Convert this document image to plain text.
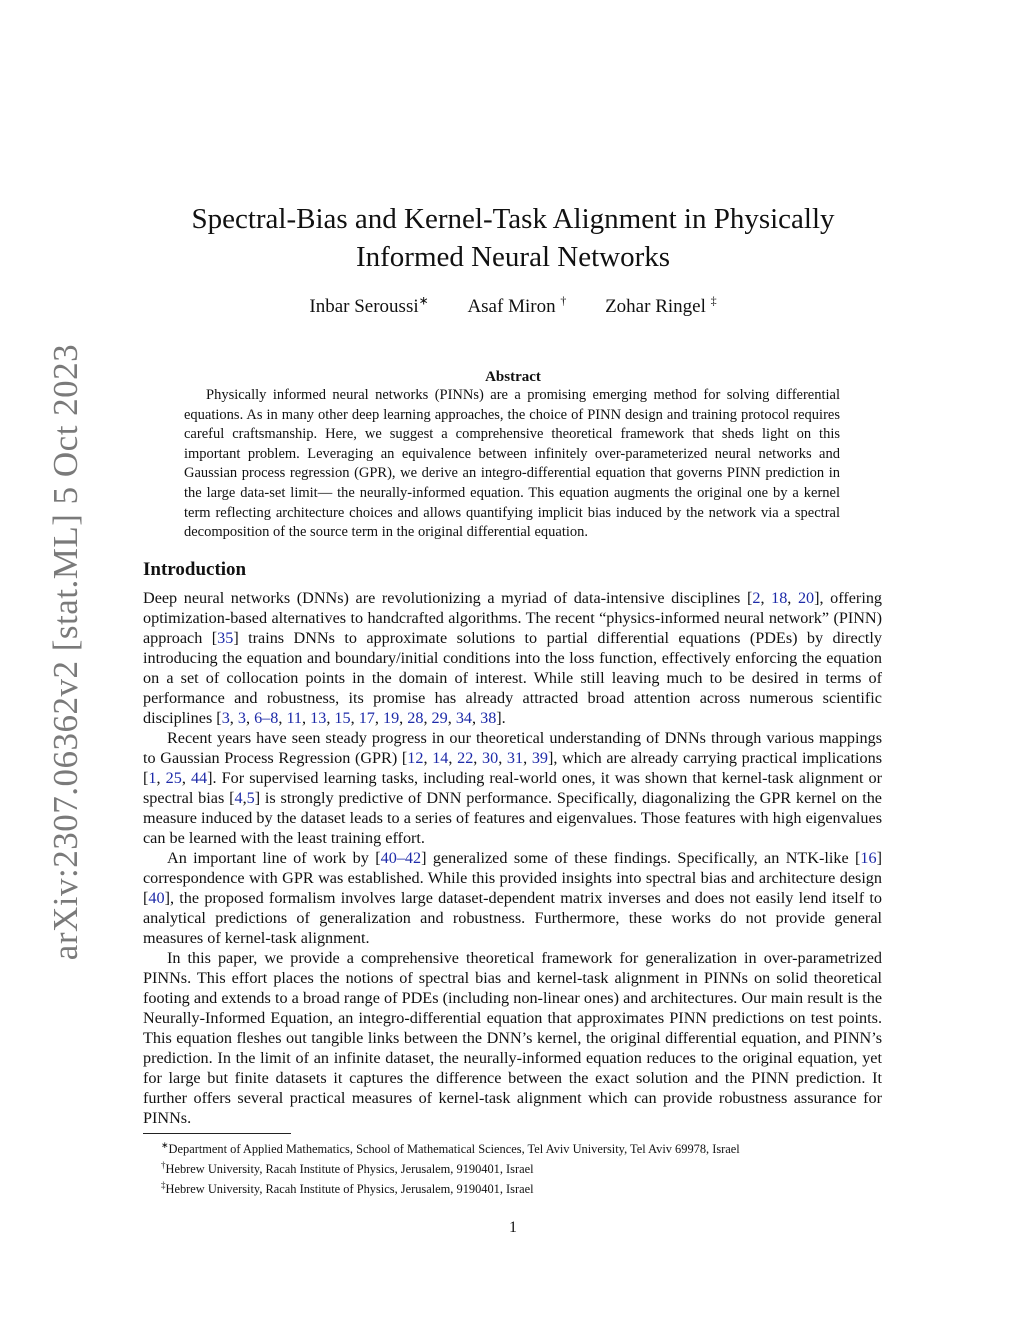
arXiv:2307.06362v2 [stat.ML] 5 Oct 2023
Spectral-Bias and Kernel-Task Alignment in Physically Informed Neural Networks
Inbar Seroussi∗ Asaf Miron † Zohar Ringel ‡
Abstract

Physically informed neural networks (PINNs) are a promising emerging method for solving differential equations. As in many other deep learning approaches, the choice of PINN design and training protocol requires careful craftsmanship. Here, we suggest a comprehensive theoretical framework that sheds light on this important problem. Leveraging an equivalence between infinitely over-parameterized neural networks and Gaussian process regression (GPR), we derive an integro-differential equation that governs PINN prediction in the large data-set limit— the neurally-informed equation. This equation augments the original one by a kernel term reflecting architecture choices and allows quantifying implicit bias induced by the network via a spectral decomposition of the source term in the original differential equation.

Introduction

Deep neural networks (DNNs) are revolutionizing a myriad of data-intensive disciplines [2, 18, 20], offering optimization-based alternatives to handcrafted algorithms. The recent “physics-informed neural network” (PINN) approach [35] trains DNNs to approximate solutions to partial differential equations (PDEs) by directly introducing the equation and boundary/initial conditions into the loss function, effectively enforcing the equation on a set of collocation points in the domain of interest. While still leaving much to be desired in terms of performance and robustness, its promise has already attracted broad attention across numerous scientific disciplines [3, 3, 6–8, 11, 13, 15, 17, 19, 28, 29, 34, 38].

Recent years have seen steady progress in our theoretical understanding of DNNs through various mappings to Gaussian Process Regression (GPR) [12, 14, 22, 30, 31, 39], which are already carrying practical implications [1, 25, 44]. For supervised learning tasks, including real-world ones, it was shown that kernel-task alignment or spectral bias [4,5] is strongly predictive of DNN performance. Specifically, diagonalizing the GPR kernel on the measure induced by the dataset leads to a series of features and eigenvalues. Those features with high eigenvalues can be learned with the least training effort.

An important line of work by [40–42] generalized some of these findings. Specifically, an NTK-like [16] correspondence with GPR was established. While this provided insights into spectral bias and architecture design [40], the proposed formalism involves large dataset-dependent matrix inverses and does not easily lend itself to analytical predictions of generalization and robustness. Furthermore, these works do not provide general measures of kernel-task alignment.

In this paper, we provide a comprehensive theoretical framework for generalization in over-parametrized PINNs. This effort places the notions of spectral bias and kernel-task alignment in PINNs on solid theoretical footing and extends to a broad range of PDEs (including non-linear ones) and architectures. Our main result is the Neurally-Informed Equation, an integro-differential equation that approximates PINN predictions on test points. This equation fleshes out tangible links between the DNN’s kernel, the original differential equation, and PINN’s prediction. In the limit of an infinite dataset, the neurally-informed equation reduces to the original equation, yet for large but finite datasets it captures the difference between the exact solution and the PINN prediction. It further offers several practical measures of kernel-task alignment which can provide robustness assurance for PINNs.

∗Department of Applied Mathematics, School of Mathematical Sciences, Tel Aviv University, Tel Aviv 69978, Israel
†Hebrew University, Racah Institute of Physics, Jerusalem, 9190401, Israel
‡Hebrew University, Racah Institute of Physics, Jerusalem, 9190401, Israel
1
